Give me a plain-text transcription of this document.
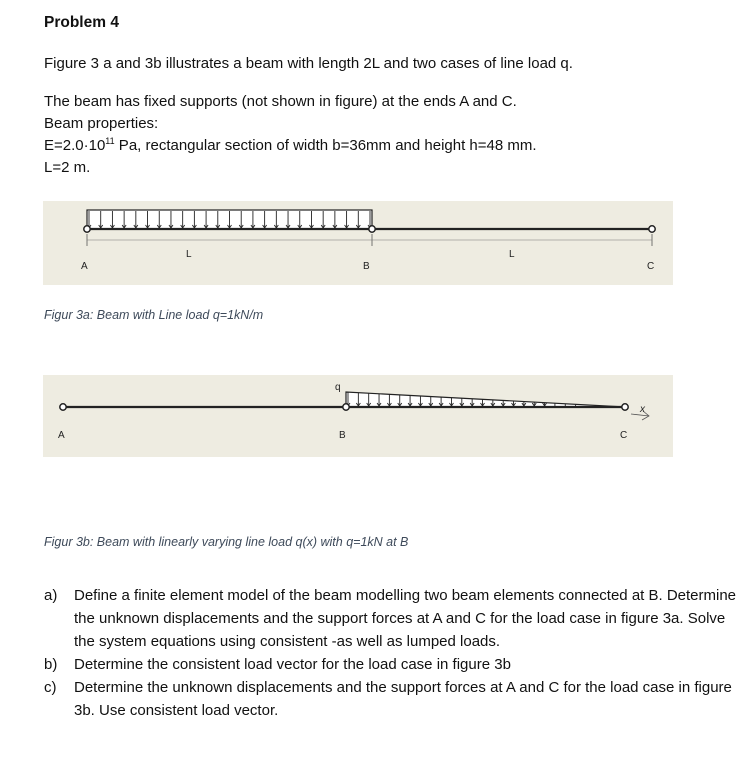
Problem 4
Figure 3 a and 3b illustrates a beam with length 2L and two cases of line load q.
The beam has fixed supports (not shown in figure) at the ends A and C.
Beam properties:
$E=2.0\cdot 10^{11}$ Pa, rectangular section of width b=36mm and height h=48 mm.
L=2 m.
L	L
A	B	C
Figur 3a: Beam with Line load q=1kN/m
x
q
A	B	C
Figur 3b: Beam with linearly varying line load q(x) with q=1kN at B
a)	Define a finite element model of the beam modelling two beam elements connected at B. Determine the unknown displacements and the support forces at A and C for the load case in figure 3a. Solve the system equations using consistent -as well as lumped loads.
b)	Determine the consistent load vector for the load case in figure 3b
c)	Determine the unknown displacements and the support forces at A and C for the load case in figure 3b. Use consistent load vector.
